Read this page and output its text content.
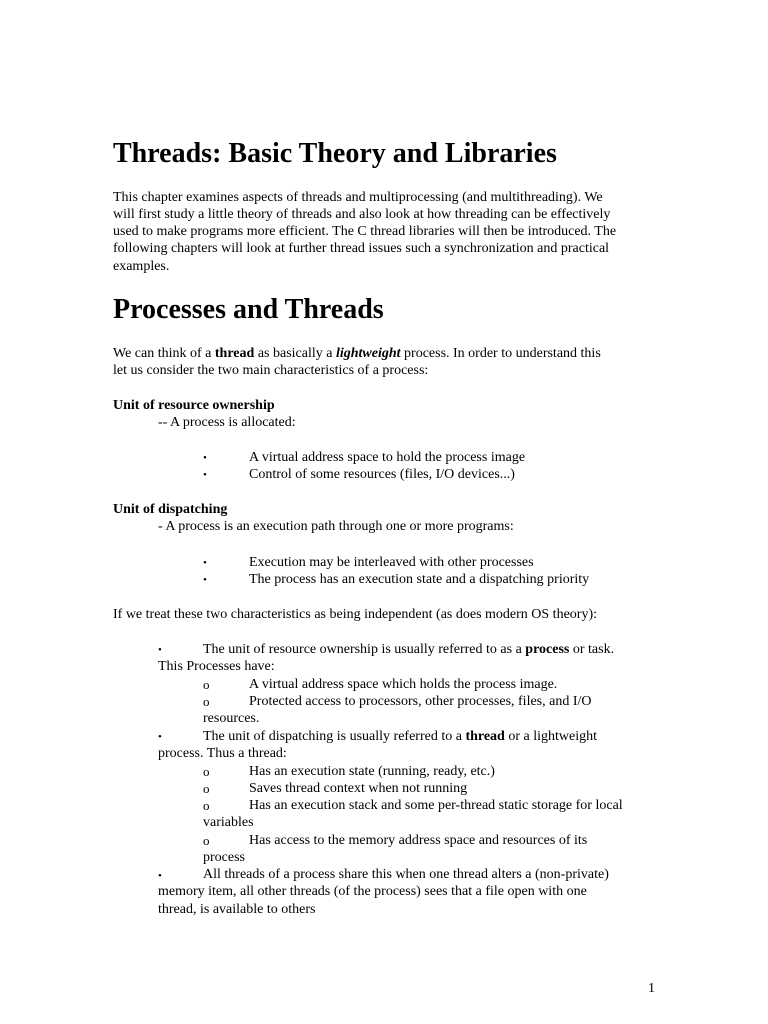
Threads: Basic Theory and Libraries
This chapter examines aspects of threads and multiprocessing (and multithreading). We
will first study a little theory of threads and also look at how threading can be effectively
used to make programs more efficient. The C thread libraries will then be introduced. The
following chapters will look at further thread issues such a synchronization and practical
examples.
Processes and Threads
We can think of a thread as basically a lightweight process. In order to understand this
let us consider the two main characteristics of a process:
Unit of resource ownership
-- A process is allocated:
•	A virtual address space to hold the process image
•	Control of some resources (files, I/O devices...)
Unit of dispatching
- A process is an execution path through one or more programs:
•	Execution may be interleaved with other processes
•	The process has an execution state and a dispatching priority
If we treat these two characteristics as being independent (as does modern OS theory):
•	The unit of resource ownership is usually referred to as a process or task.
This Processes have:
o	A virtual address space which holds the process image.
o	Protected access to processors, other processes, files, and I/O
resources.
•	The unit of dispatching is usually referred to a thread or a lightweight
process. Thus a thread:
o	Has an execution state (running, ready, etc.)
o	Saves thread context when not running
o	Has an execution stack and some per-thread static storage for local
variables
o	Has access to the memory address space and resources of its
process
•	All threads of a process share this when one thread alters a (non-private)
memory item, all other threads (of the process) sees that a file open with one
thread, is available to others
1
